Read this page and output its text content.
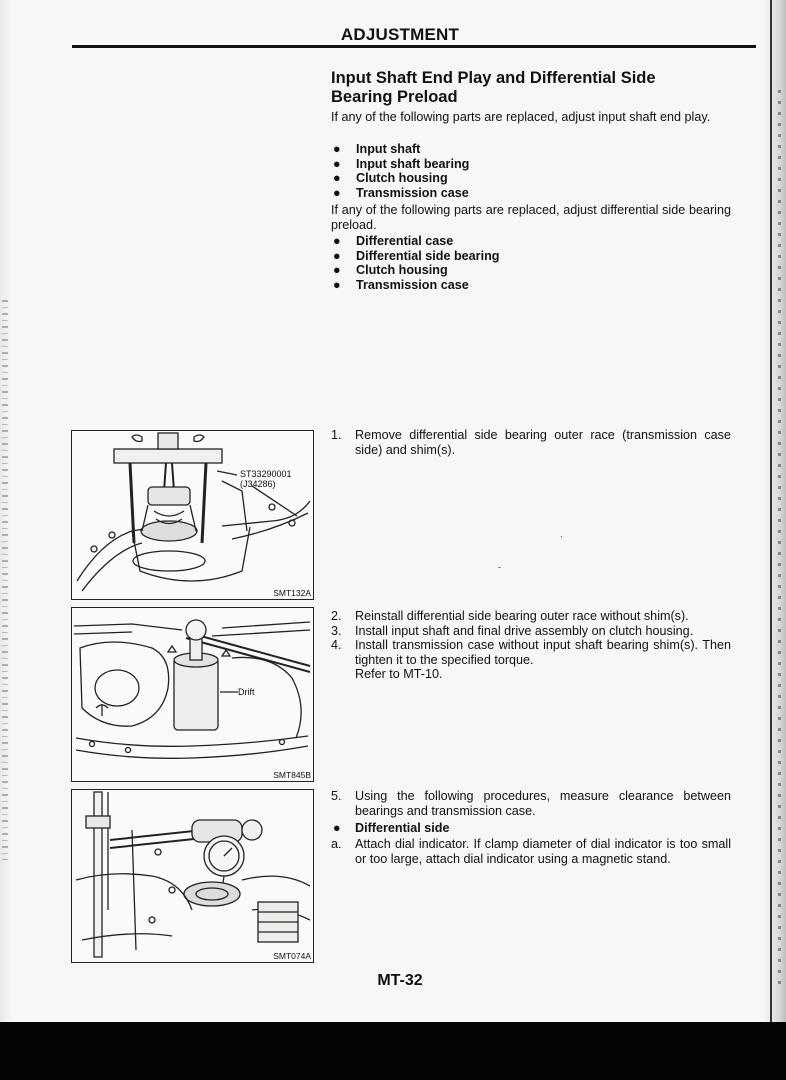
ADJUSTMENT
Input Shaft End Play and Differential Side
Bearing Preload
If any of the following parts are replaced, adjust input shaft end play.
● Input shaft
● Input shaft bearing
● Clutch housing
● Transmission case
If any of the following parts are replaced, adjust differential side bearing preload.
● Differential case
● Differential side bearing
● Clutch housing
● Transmission case
ST33290001
(J34286)
SMT132A
Drift
SMT845B
SMT074A
1. Remove differential side bearing outer race (transmission case side) and shim(s).
·
-
2. Reinstall differential side bearing outer race without shim(s).
3. Install input shaft and final drive assembly on clutch housing.
4. Install transmission case without input shaft bearing shim(s). Then tighten it to the specified torque.
Refer to MT-10.
5. Using the following procedures, measure clearance between bearings and transmission case.
● Differential side
a. Attach dial indicator. If clamp diameter of dial indicator is too small or too large, attach dial indicator using a magnetic stand.
MT-32
